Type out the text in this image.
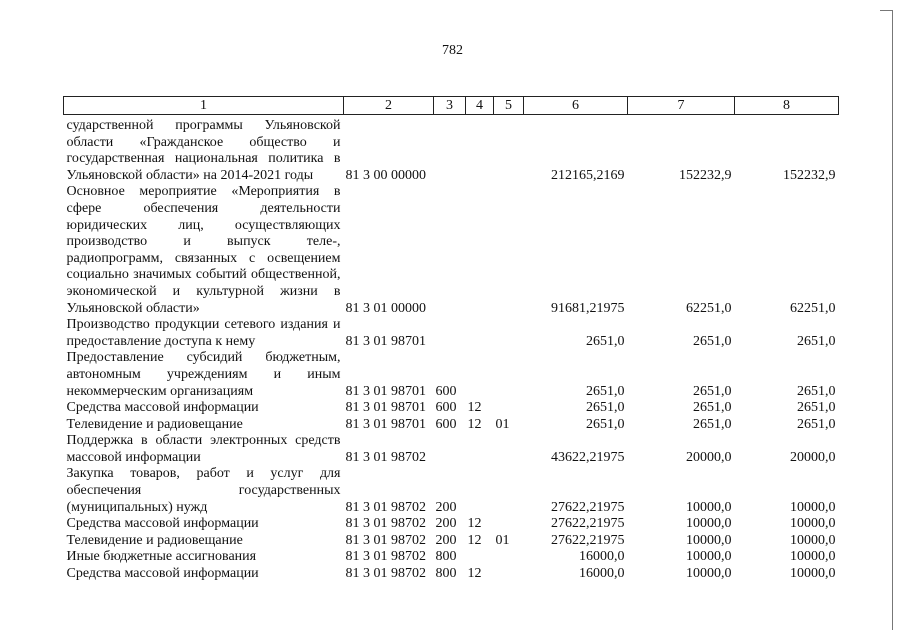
782
1	2	3	4	5	6	7	8
сударственной программы Ульяновской области «Гражданское общество и государственная национальная политика в Ульяновской области» на 2014-2021 годы	81 3 00 00000				212165,2169	152232,9	152232,9
Основное мероприятие «Мероприятия в сфере обеспечения деятельности юридических лиц, осуществляющих производство и выпуск теле-, радиопрограмм, связанных с освещением социально значимых событий общественной, экономической и культурной жизни в Ульяновской области»	81 3 01 00000				91681,21975	62251,0	62251,0
Производство продукции сетевого издания и предоставление доступа к нему	81 3 01 98701				2651,0	2651,0	2651,0
Предоставление субсидий бюджетным, автономным учреждениям и иным некоммерческим организациям	81 3 01 98701	600			2651,0	2651,0	2651,0
Средства массовой информации	81 3 01 98701	600	12		2651,0	2651,0	2651,0
Телевидение и радиовещание	81 3 01 98701	600	12	01	2651,0	2651,0	2651,0
Поддержка в области электронных средств массовой информации	81 3 01 98702				43622,21975	20000,0	20000,0
Закупка товаров, работ и услуг для обеспечения государственных (муниципальных) нужд	81 3 01 98702	200			27622,21975	10000,0	10000,0
Средства массовой информации	81 3 01 98702	200	12		27622,21975	10000,0	10000,0
Телевидение и радиовещание	81 3 01 98702	200	12	01	27622,21975	10000,0	10000,0
Иные бюджетные ассигнования	81 3 01 98702	800			16000,0	10000,0	10000,0
Средства массовой информации	81 3 01 98702	800	12		16000,0	10000,0	10000,0
